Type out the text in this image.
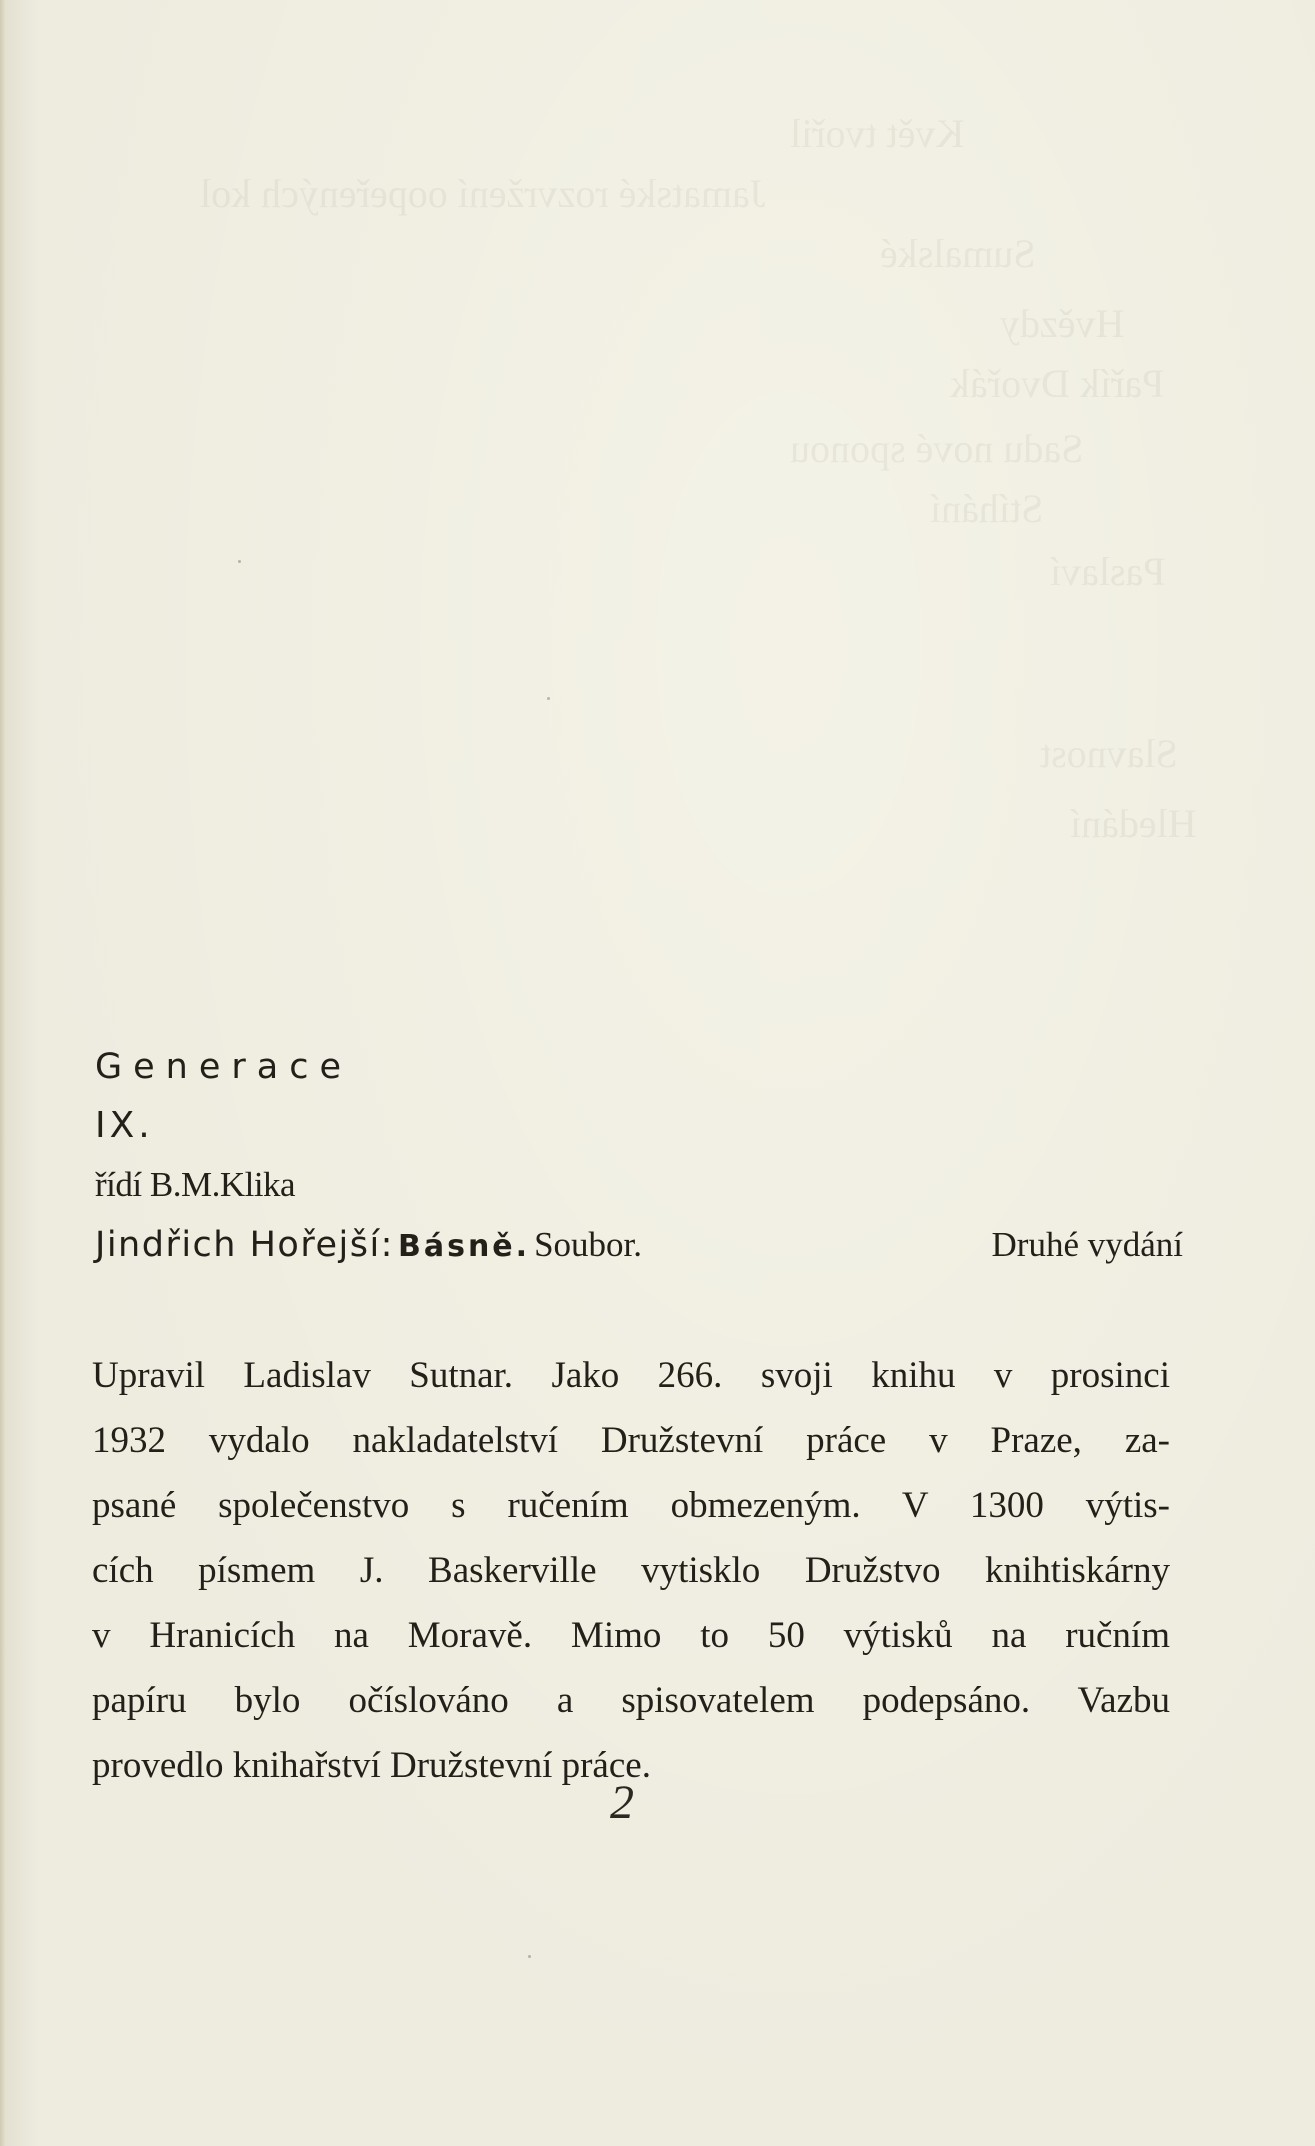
Květ tvořil
Jamatské rozvržení oopeřených kol
Sumalské
Hvězdy
Pařík Dvořák
Sadu nové sponou
Stíhání
Paslaví
Slavnost
Hledání

Generace

IX.

řídí B.M.Klika

Jindřich Hořejší: Básně. Soubor.	Druhé vydání

Upravil Ladislav Sutnar. Jako 266. svoji knihu v prosinci
1932 vydalo nakladatelství Družstevní práce v Praze, za-
psané společenstvo s ručením obmezeným. V 1300 výtis-
cích písmem J. Baskerville vytisklo Družstvo knihtiskárny
v Hranicích na Moravě. Mimo to 50 výtisků na ručním
papíru bylo očíslováno a spisovatelem podepsáno. Vazbu
provedlo knihařství Družstevní práce.

2
